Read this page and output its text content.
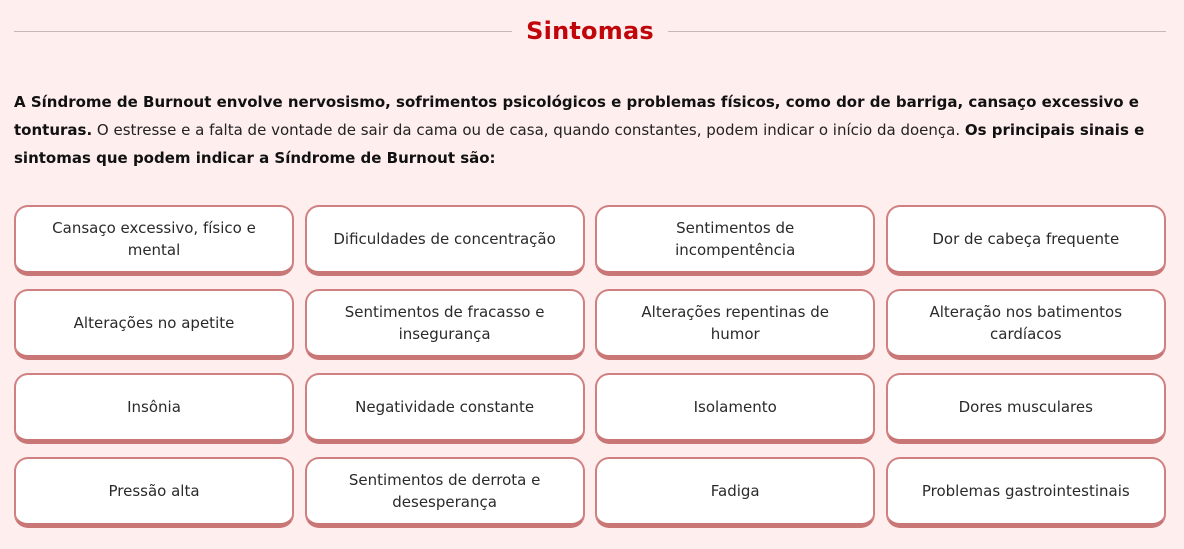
Sintomas

A Síndrome de Burnout envolve nervosismo, sofrimentos psicológicos e problemas físicos, como dor de barriga, cansaço excessivo e tonturas. O estresse e a falta de vontade de sair da cama ou de casa, quando constantes, podem indicar o início da doença. Os principais sinais e sintomas que podem indicar a Síndrome de Burnout são:

Cansaço excessivo, físico e mental
Dificuldades de concentração
Sentimentos de incompentência
Dor de cabeça frequente
Alterações no apetite
Sentimentos de fracasso e insegurança
Alterações repentinas de humor
Alteração nos batimentos cardíacos
Insônia	Negatividade constante	Isolamento	Dores musculares
Pressão alta
Sentimentos de derrota e desesperança
Fadiga	Problemas gastrointestinais
